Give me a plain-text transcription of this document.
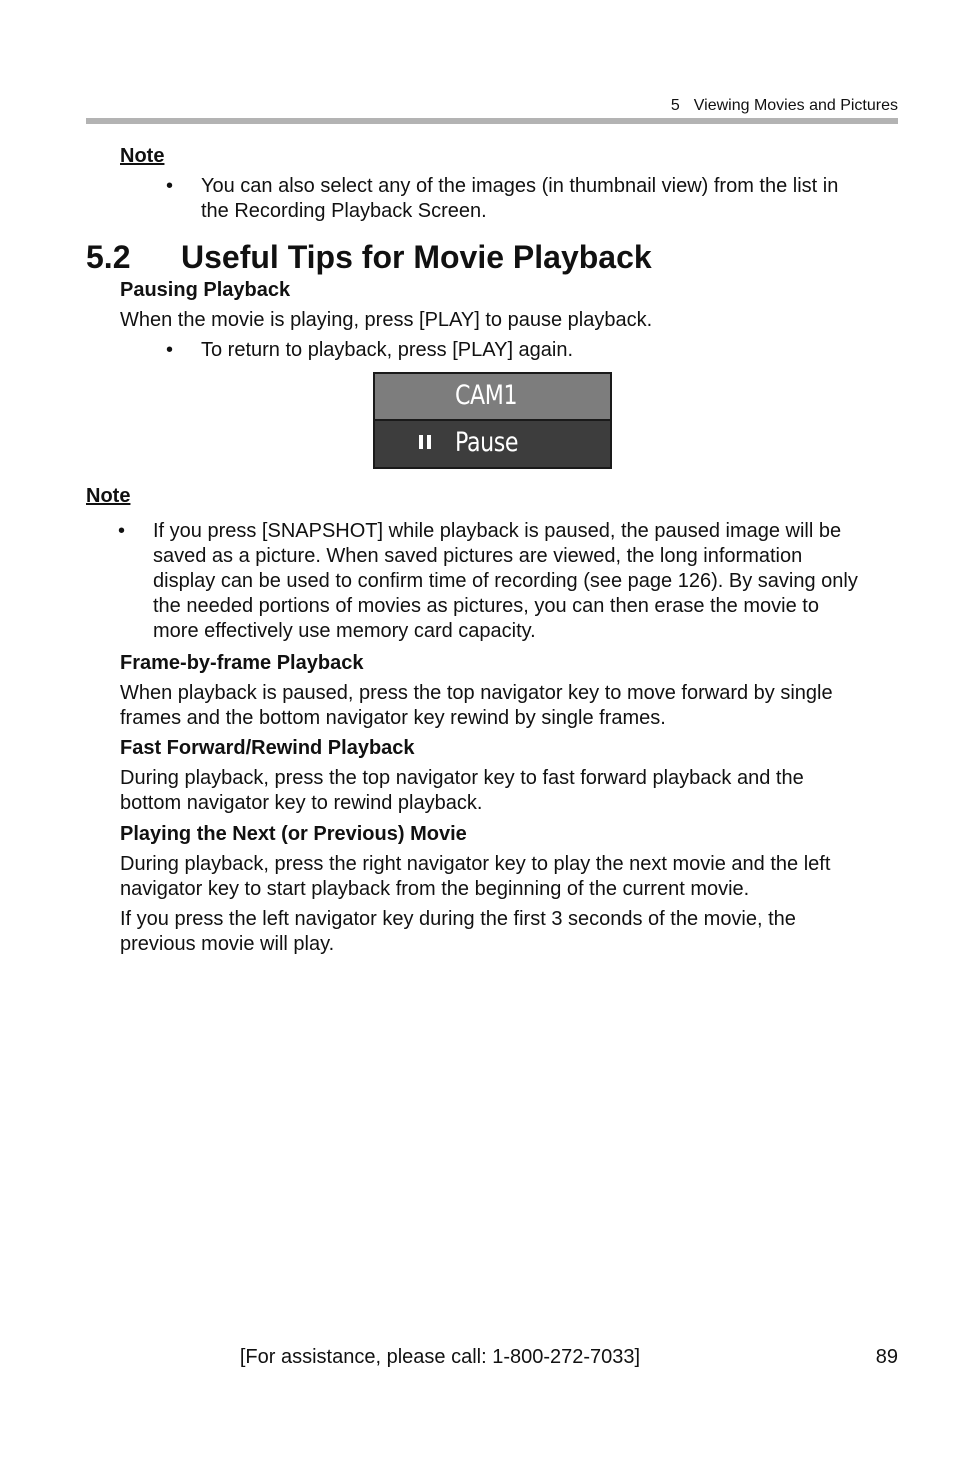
5 Viewing Movies and Pictures
Note
• You can also select any of the images (in thumbnail view) from the list in
the Recording Playback Screen.
5.2 Useful Tips for Movie Playback
Pausing Playback
When the movie is playing, press [PLAY] to pause playback.
• To return to playback, press [PLAY] again.
CAM1
Pause
Note
• If you press [SNAPSHOT] while playback is paused, the paused image will be
saved as a picture. When saved pictures are viewed, the long information
display can be used to confirm time of recording (see page 126). By saving only
the needed portions of movies as pictures, you can then erase the movie to
more effectively use memory card capacity.
Frame-by-frame Playback
When playback is paused, press the top navigator key to move forward by single
frames and the bottom navigator key rewind by single frames.
Fast Forward/Rewind Playback
During playback, press the top navigator key to fast forward playback and the
bottom navigator key to rewind playback.
Playing the Next (or Previous) Movie
During playback, press the right navigator key to play the next movie and the left
navigator key to start playback from the beginning of the current movie.
If you press the left navigator key during the first 3 seconds of the movie, the
previous movie will play.
[For assistance, please call: 1-800-272-7033]	89
